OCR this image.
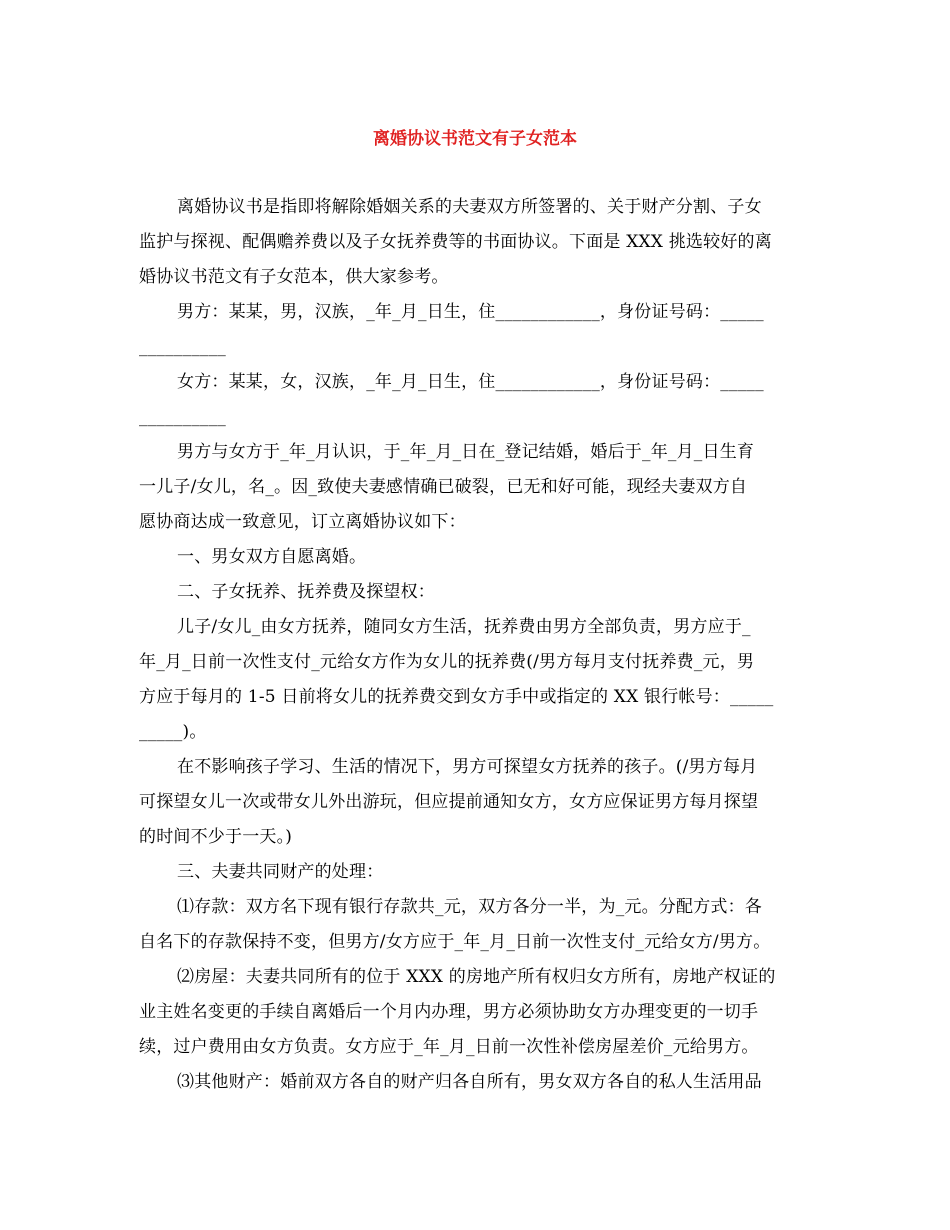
离婚协议书范文有子女范本
离婚协议书是指即将解除婚姻关系的夫妻双方所签署的、关于财产分割、子女
监护与探视、配偶赡养费以及子女抚养费等的书面协议。下面是 XXX 挑选较好的离
婚协议书范文有子女范本，供大家参考。
男方：某某，男，汉族，_年_月_日生，住____________，身份证号码：_____
__________
女方：某某，女，汉族，_年_月_日生，住____________，身份证号码：_____
__________
男方与女方于_年_月认识，于_年_月_日在_登记结婚，婚后于_年_月_日生育
一儿子/女儿，名_。因_致使夫妻感情确已破裂，已无和好可能，现经夫妻双方自
愿协商达成一致意见，订立离婚协议如下：
一、男女双方自愿离婚。
二、子女抚养、抚养费及探望权：
儿子/女儿_由女方抚养，随同女方生活，抚养费由男方全部负责，男方应于_
年_月_日前一次性支付_元给女方作为女儿的抚养费(/男方每月支付抚养费_元，男
方应于每月的 1-5 日前将女儿的抚养费交到女方手中或指定的 XX 银行帐号：_____
_____)。
在不影响孩子学习、生活的情况下，男方可探望女方抚养的孩子。(/男方每月
可探望女儿一次或带女儿外出游玩，但应提前通知女方，女方应保证男方每月探望
的时间不少于一天。)
三、夫妻共同财产的处理：
⑴存款：双方名下现有银行存款共_元，双方各分一半，为_元。分配方式：各
自名下的存款保持不变，但男方/女方应于_年_月_日前一次性支付_元给女方/男方。
⑵房屋：夫妻共同所有的位于 XXX 的房地产所有权归女方所有，房地产权证的
业主姓名变更的手续自离婚后一个月内办理，男方必须协助女方办理变更的一切手
续，过户费用由女方负责。女方应于_年_月_日前一次性补偿房屋差价_元给男方。
⑶其他财产：婚前双方各自的财产归各自所有，男女双方各自的私人生活用品
